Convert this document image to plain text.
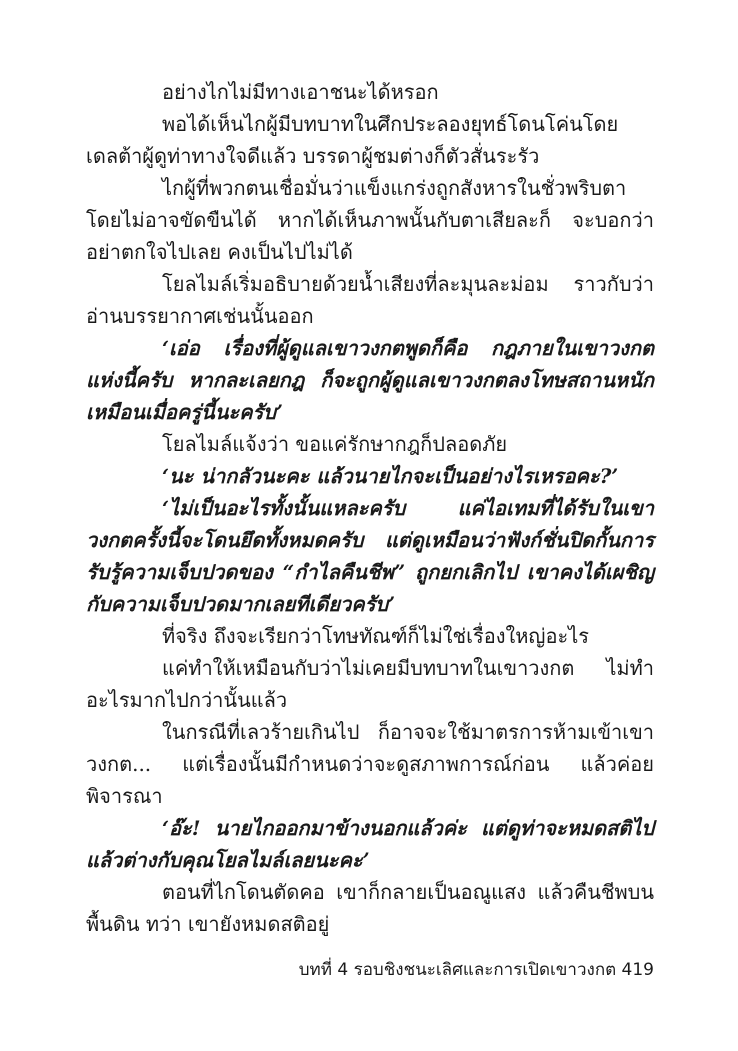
อย่างไกไม่มีทางเอาชนะได้หรอก

พอได้เห็นไกผู้มีบทบาทในศึกประลองยุทธ์โดนโค่นโดยเดลต้าผู้ดูท่าทางใจดีแล้ว บรรดาผู้ชมต่างก็ตัวสั่นระรัว

ไกผู้ที่พวกตนเชื่อมั่นว่าแข็งแกร่งถูกสังหารในชั่วพริบตา โดยไม่อาจขัดขืนได้ หากได้เห็นภาพนั้นกับตาเสียละก็ จะบอกว่า อย่าตกใจไปเลย คงเป็นไปไม่ได้

โยลไมล์เริ่มอธิบายด้วยน้ำเสียงที่ละมุนละม่อม ราวกับว่าอ่านบรรยากาศเช่นนั้นออก

‘เอ่อ เรื่องที่ผู้ดูแลเขาวงกตพูดก็คือ กฎภายในเขาวงกตแห่งนี้ครับ หากละเลยกฎ ก็จะถูกผู้ดูแลเขาวงกตลงโทษสถานหนักเหมือนเมื่อครู่นี้นะครับ’

โยลไมล์แจ้งว่า ขอแค่รักษากฎก็ปลอดภัย

‘นะ น่ากลัวนะคะ แล้วนายไกจะเป็นอย่างไรเหรอคะ?’

‘ไม่เป็นอะไรทั้งนั้นแหละครับ แค่ไอเทมที่ได้รับในเขาวงกตครั้งนี้จะโดนยึดทั้งหมดครับ แต่ดูเหมือนว่าฟังก์ชั่นปิดกั้นการรับรู้ความเจ็บปวดของ “กำไลคืนชีพ” ถูกยกเลิกไป เขาคงได้เผชิญกับความเจ็บปวดมากเลยทีเดียวครับ’

ที่จริง ถึงจะเรียกว่าโทษทัณฑ์ก็ไม่ใช่เรื่องใหญ่อะไร

แค่ทำให้เหมือนกับว่าไม่เคยมีบทบาทในเขาวงกต ไม่ทำอะไรมากไปกว่านั้นแล้ว

ในกรณีที่เลวร้ายเกินไป ก็อาจจะใช้มาตรการห้ามเข้าเขาวงกต... แต่เรื่องนั้นมีกำหนดว่าจะดูสภาพการณ์ก่อน แล้วค่อยพิจารณา

‘อ๊ะ! นายไกออกมาข้างนอกแล้วค่ะ แต่ดูท่าจะหมดสติไปแล้วต่างกับคุณโยลไมล์เลยนะคะ’

ตอนที่ไกโดนตัดคอ เขาก็กลายเป็นอณูแสง แล้วคืนชีพบนพื้นดิน ทว่า เขายังหมดสติอยู่

บทที่ 4 รอบชิงชนะเลิศและการเปิดเขาวงกต 419
